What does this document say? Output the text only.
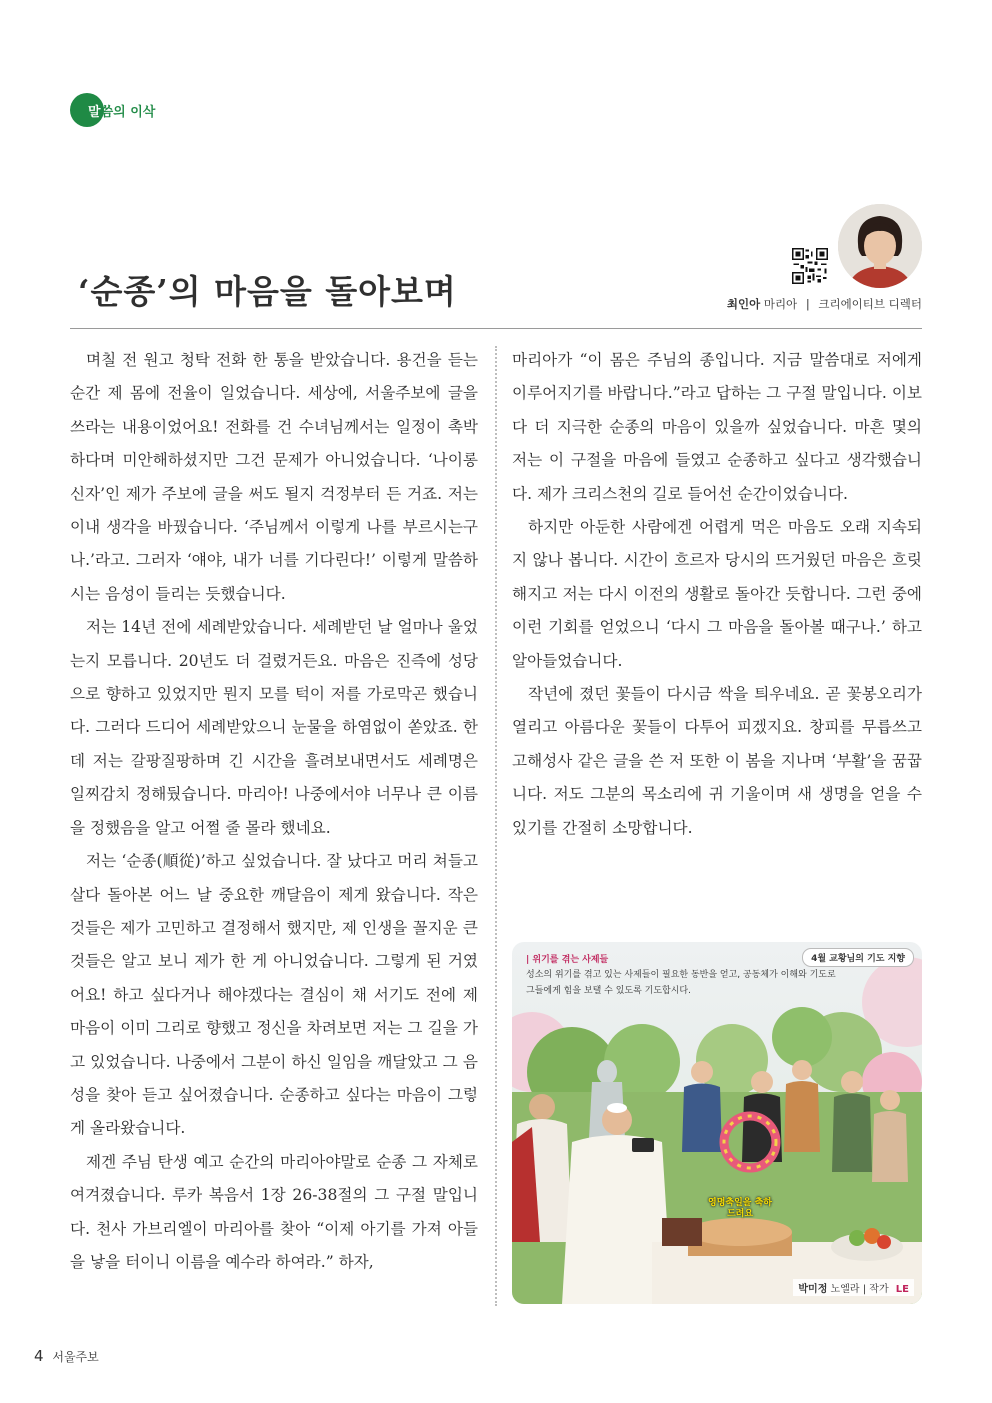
말씀의 이삭
‘순종’의 마음을 돌아보며	최인아 마리아 | 크리에이티브 디렉터

며칠 전 원고 청탁 전화 한 통을 받았습니다. 용건을 듣는 순간 제 몸에 전율이 일었습니다. 세상에, 서울주보에 글을 쓰라는 내용이었어요! 전화를 건 수녀님께서는 일정이 촉박하다며 미안해하셨지만 그건 문제가 아니었습니다. ‘나이롱 신자’인 제가 주보에 글을 써도 될지 걱정부터 든 거죠. 저는 이내 생각을 바꿨습니다. ‘주님께서 이렇게 나를 부르시는구나.’라고. 그러자 ‘얘야, 내가 너를 기다린다!’ 이렇게 말씀하시는 음성이 들리는 듯했습니다.

저는 14년 전에 세례받았습니다. 세례받던 날 얼마나 울었는지 모릅니다. 20년도 더 걸렸거든요. 마음은 진즉에 성당으로 향하고 있었지만 뭔지 모를 턱이 저를 가로막곤 했습니다. 그러다 드디어 세례받았으니 눈물을 하염없이 쏟았죠. 한데 저는 갈팡질팡하며 긴 시간을 흘려보내면서도 세례명은 일찌감치 정해뒀습니다. 마리아! 나중에서야 너무나 큰 이름을 정했음을 알고 어쩔 줄 몰라 했네요.

저는 ‘순종(順從)’하고 싶었습니다. 잘 났다고 머리 쳐들고 살다 돌아본 어느 날 중요한 깨달음이 제게 왔습니다. 작은 것들은 제가 고민하고 결정해서 했지만, 제 인생을 꼴지운 큰 것들은 알고 보니 제가 한 게 아니었습니다. 그렇게 된 거였어요! 하고 싶다거나 해야겠다는 결심이 채 서기도 전에 제 마음이 이미 그리로 향했고 정신을 차려보면 저는 그 길을 가고 있었습니다. 나중에서 그분이 하신 일임을 깨달았고 그 음성을 찾아 듣고 싶어졌습니다. 순종하고 싶다는 마음이 그렇게 올라왔습니다.

제겐 주님 탄생 예고 순간의 마리아야말로 순종 그 자체로 여겨졌습니다. 루카 복음서 1장 26-38절의 그 구절 말입니다. 천사 가브리엘이 마리아를 찾아 “이제 아기를 가져 아들을 낳을 터이니 이름을 예수라 하여라.” 하자,

마리아가 “이 몸은 주님의 종입니다. 지금 말씀대로 저에게 이루어지기를 바랍니다.”라고 답하는 그 구절 말입니다. 이보다 더 지극한 순종의 마음이 있을까 싶었습니다. 마흔 몇의 저는 이 구절을 마음에 들였고 순종하고 싶다고 생각했습니다. 제가 크리스천의 길로 들어선 순간이었습니다.

하지만 아둔한 사람에겐 어렵게 먹은 마음도 오래 지속되지 않나 봅니다. 시간이 흐르자 당시의 뜨거웠던 마음은 흐릿해지고 저는 다시 이전의 생활로 돌아간 듯합니다. 그런 중에 이런 기회를 얻었으니 ‘다시 그 마음을 돌아볼 때구나.’ 하고 알아들었습니다.

작년에 졌던 꽃들이 다시금 싹을 틔우네요. 곧 꽃봉오리가 열리고 아름다운 꽃들이 다투어 피겠지요. 창피를 무릅쓰고 고해성사 같은 글을 쓴 저 또한 이 봄을 지나며 ‘부활’을 꿈꿉니다. 저도 그분의 목소리에 귀 기울이며 새 생명을 얻을 수 있기를 간절히 소망합니다.

| 위기를 겪는 사제들
성소의 위기를 겪고 있는 사제들이 필요한 동반을 얻고, 공동체가 이해와 기도로 그들에게 힘을 보탤 수 있도록 기도합시다.
4월 교황님의 기도 지향
영명축일을 축하드려요
박미정 노엘라 | 작가 LE
4 서울주보
